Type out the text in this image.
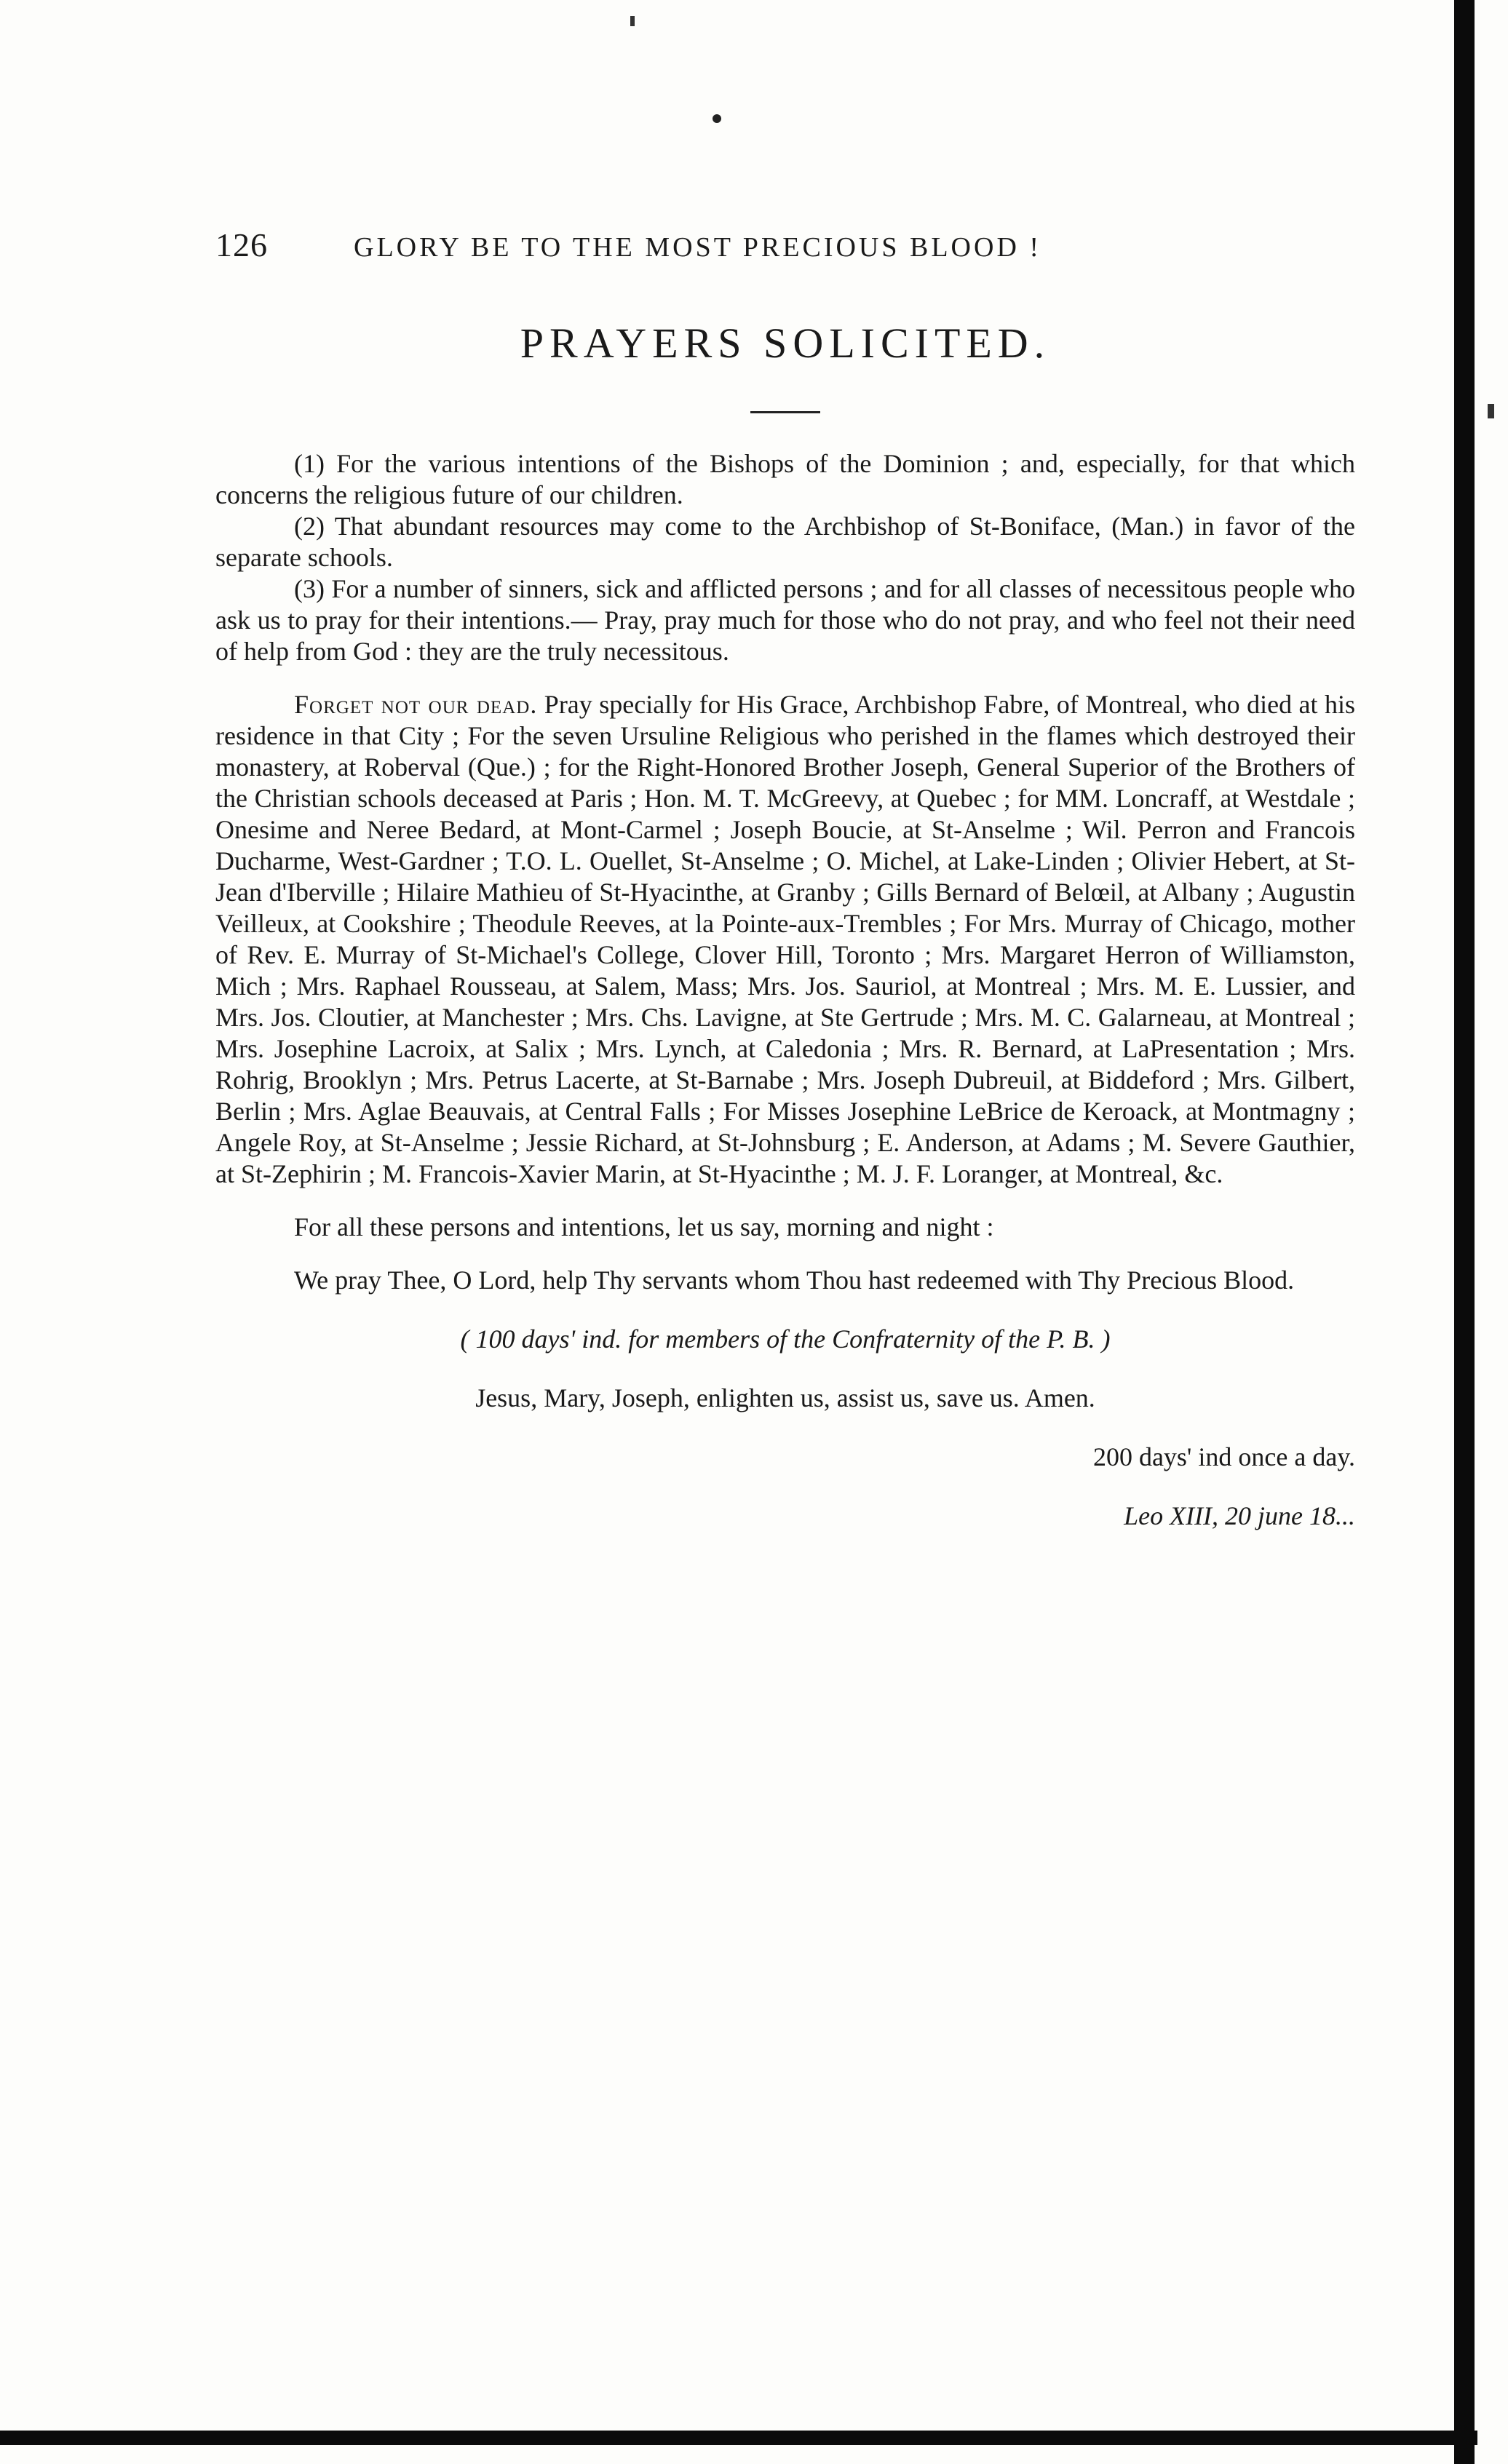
126	GLORY BE TO THE MOST PRECIOUS BLOOD !
PRAYERS SOLICITED.

(1) For the various intentions of the Bishops of the Dominion ; and, especially, for that which concerns the religious future of our children.

(2) That abundant resources may come to the Archbishop of St-Boniface, (Man.) in favor of the separate schools.

(3) For a number of sinners, sick and afflicted persons ; and for all classes of necessitous people who ask us to pray for their intentions.— Pray, pray much for those who do not pray, and who feel not their need of help from God : they are the truly necessitous.

Forget not our dead. Pray specially for His Grace, Archbishop Fabre, of Montreal, who died at his residence in that City ; For the seven Ursuline Religious who perished in the flames which destroyed their monastery, at Roberval (Que.) ; for the Right-Honored Brother Joseph, General Superior of the Brothers of the Christian schools deceased at Paris ; Hon. M. T. McGreevy, at Quebec ; for MM. Loncraff, at Westdale ; Onesime and Neree Bedard, at Mont-Carmel ; Joseph Boucie, at St-Anselme ; Wil. Perron and Francois Ducharme, West-Gardner ; T.O. L. Ouellet, St-Anselme ; O. Michel, at Lake-Linden ; Olivier Hebert, at St-Jean d'Iberville ; Hilaire Mathieu of St-Hyacinthe, at Granby ; Gills Bernard of Belœil, at Albany ; Augustin Veilleux, at Cookshire ; Theodule Reeves, at la Pointe-aux-Trembles ; For Mrs. Murray of Chicago, mother of Rev. E. Murray of St-Michael's College, Clover Hill, Toronto ; Mrs. Margaret Herron of Williamston, Mich ; Mrs. Raphael Rousseau, at Salem, Mass; Mrs. Jos. Sauriol, at Montreal ; Mrs. M. E. Lussier, and Mrs. Jos. Cloutier, at Manchester ; Mrs. Chs. Lavigne, at Ste Gertrude ; Mrs. M. C. Galarneau, at Montreal ; Mrs. Josephine Lacroix, at Salix ; Mrs. Lynch, at Caledonia ; Mrs. R. Bernard, at LaPresentation ; Mrs. Rohrig, Brooklyn ; Mrs. Petrus Lacerte, at St-Barnabe ; Mrs. Joseph Dubreuil, at Biddeford ; Mrs. Gilbert, Berlin ; Mrs. Aglae Beauvais, at Central Falls ; For Misses Josephine LeBrice de Keroack, at Montmagny ; Angele Roy, at St-Anselme ; Jessie Richard, at St-Johnsburg ; E. Anderson, at Adams ; M. Severe Gauthier, at St-Zephirin ; M. Francois-Xavier Marin, at St-Hyacinthe ; M. J. F. Loranger, at Montreal, &c.

For all these persons and intentions, let us say, morning and night :

We pray Thee, O Lord, help Thy servants whom Thou hast redeemed with Thy Precious Blood.

( 100 days' ind. for members of the Confraternity of the P. B. )

Jesus, Mary, Joseph, enlighten us, assist us, save us. Amen.

200 days' ind once a day.

Leo XIII, 20 june 18...
